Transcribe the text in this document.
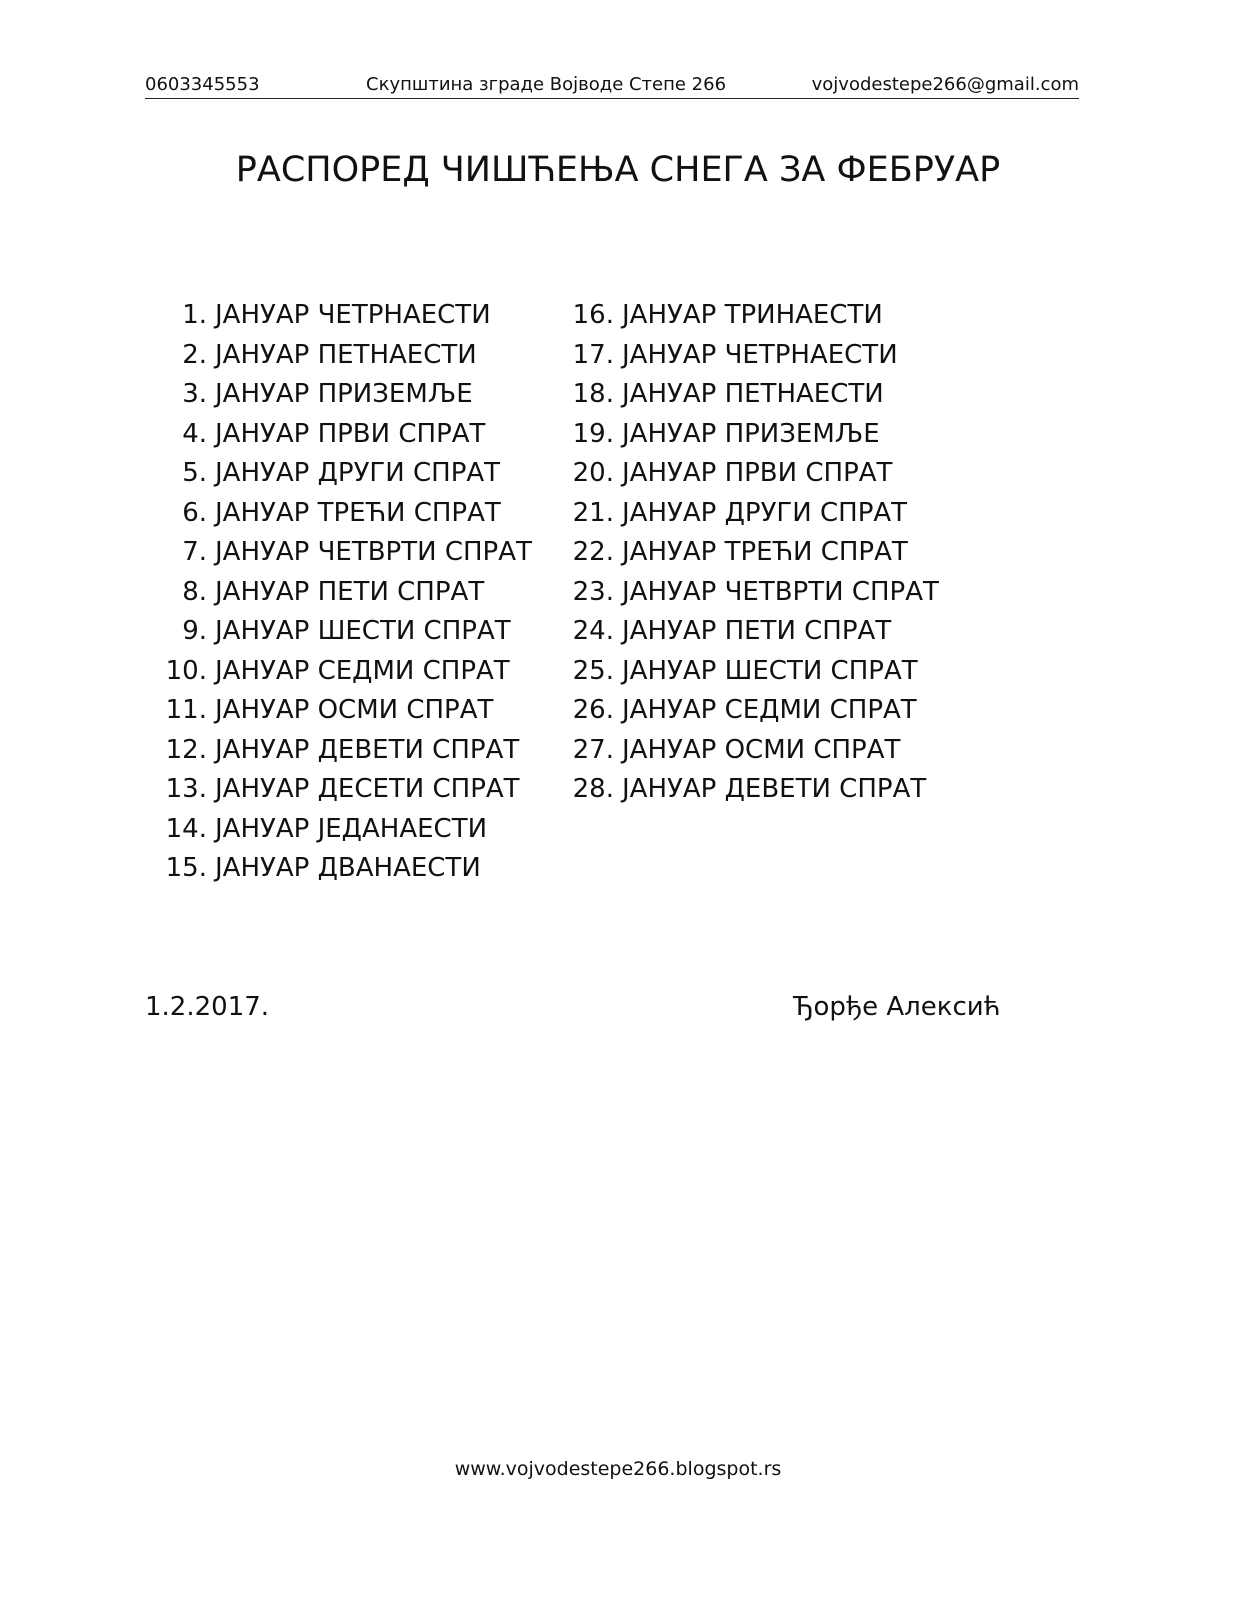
0603345553	Скупштина зграде Војводе Степе 266	vojvodestepe266@gmail.com
РАСПОРЕД ЧИШЋЕЊА СНЕГА ЗА ФЕБРУАР
1. ЈАНУАР ЧЕТРНАЕСТИ
2. ЈАНУАР ПЕТНАЕСТИ
3. ЈАНУАР ПРИЗЕМЉЕ
4. ЈАНУАР ПРВИ СПРАТ
5. ЈАНУАР ДРУГИ СПРАТ
6. ЈАНУАР ТРЕЋИ СПРАТ
7. ЈАНУАР ЧЕТВРТИ СПРАТ
8. ЈАНУАР ПЕТИ СПРАТ
9. ЈАНУАР ШЕСТИ СПРАТ
10. ЈАНУАР СЕДМИ СПРАТ
11. ЈАНУАР ОСМИ СПРАТ
12. ЈАНУАР ДЕВЕТИ СПРАТ
13. ЈАНУАР ДЕСЕТИ СПРАТ
14. ЈАНУАР ЈЕДАНАЕСТИ
15. ЈАНУАР ДВАНАЕСТИ
16. ЈАНУАР ТРИНАЕСТИ
17. ЈАНУАР ЧЕТРНАЕСТИ
18. ЈАНУАР ПЕТНАЕСТИ
19. ЈАНУАР ПРИЗЕМЉЕ
20. ЈАНУАР ПРВИ СПРАТ
21. ЈАНУАР ДРУГИ СПРАТ
22. ЈАНУАР ТРЕЋИ СПРАТ
23. ЈАНУАР ЧЕТВРТИ СПРАТ
24. ЈАНУАР ПЕТИ СПРАТ
25. ЈАНУАР ШЕСТИ СПРАТ
26. ЈАНУАР СЕДМИ СПРАТ
27. ЈАНУАР ОСМИ СПРАТ
28. ЈАНУАР ДЕВЕТИ СПРАТ
1.2.2017.	Ђорђе Алексић
www.vojvodestepe266.blogspot.rs
